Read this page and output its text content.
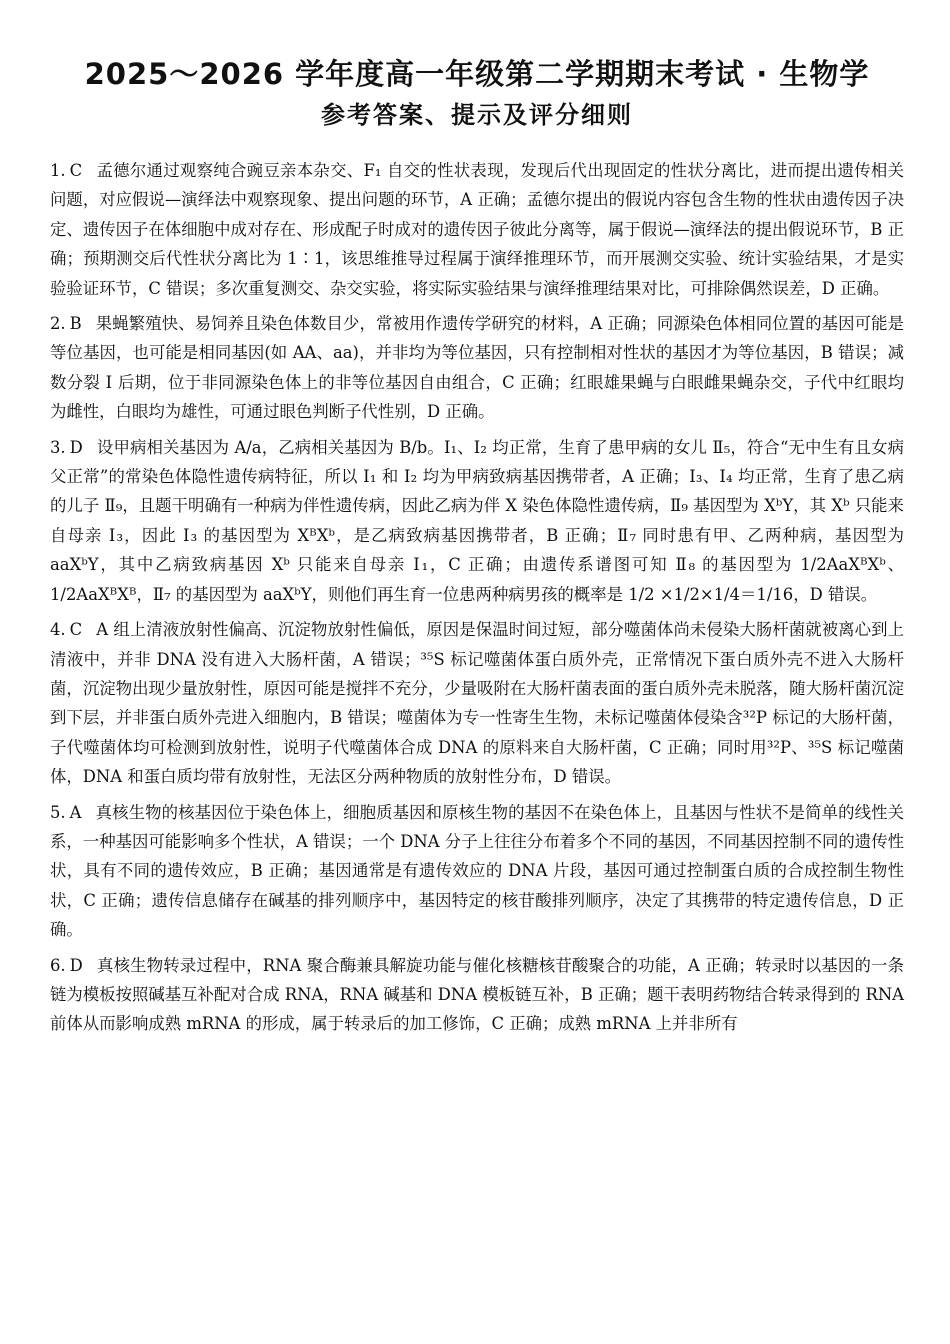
2025～2026 学年度高一年级第二学期期末考试 · 生物学
参考答案、提示及评分细则

1. C 孟德尔通过观察纯合豌豆亲本杂交、F₁ 自交的性状表现，发现后代出现固定的性状分离比，进而提出遗传相关问题，对应假说—演绎法中观察现象、提出问题的环节，A 正确；孟德尔提出的假说内容包含生物的性状由遗传因子决定、遗传因子在体细胞中成对存在、形成配子时成对的遗传因子彼此分离等，属于假说—演绎法的提出假说环节，B 正确；预期测交后代性状分离比为 1∶1，该思维推导过程属于演绎推理环节，而开展测交实验、统计实验结果，才是实验验证环节，C 错误；多次重复测交、杂交实验，将实际实验结果与演绎推理结果对比，可排除偶然误差，D 正确。

2. B 果蝇繁殖快、易饲养且染色体数目少，常被用作遗传学研究的材料，A 正确；同源染色体相同位置的基因可能是等位基因，也可能是相同基因(如 AA、aa)，并非均为等位基因，只有控制相对性状的基因才为等位基因，B 错误；减数分裂 Ⅰ 后期，位于非同源染色体上的非等位基因自由组合，C 正确；红眼雄果蝇与白眼雌果蝇杂交，子代中红眼均为雌性，白眼均为雄性，可通过眼色判断子代性别，D 正确。

3. D 设甲病相关基因为 A/a，乙病相关基因为 B/b。Ⅰ₁、Ⅰ₂ 均正常，生育了患甲病的女儿 Ⅱ₅，符合“无中生有且女病父正常”的常染色体隐性遗传病特征，所以 Ⅰ₁ 和 Ⅰ₂ 均为甲病致病基因携带者，A 正确；Ⅰ₃、Ⅰ₄ 均正常，生育了患乙病的儿子 Ⅱ₉，且题干明确有一种病为伴性遗传病，因此乙病为伴 X 染色体隐性遗传病，Ⅱ₉ 基因型为 XᵇY，其 Xᵇ 只能来自母亲 Ⅰ₃，因此 Ⅰ₃ 的基因型为 XᴮXᵇ，是乙病致病基因携带者，B 正确；Ⅱ₇ 同时患有甲、乙两种病，基因型为 aaXᵇY，其中乙病致病基因 Xᵇ 只能来自母亲 Ⅰ₁，C 正确；由遗传系谱图可知 Ⅱ₈ 的基因型为 1/2AaXᴮXᵇ、1/2AaXᴮXᴮ，Ⅱ₇ 的基因型为 aaXᵇY，则他们再生育一位患两种病男孩的概率是 1/2 ×1/2×1/4＝1/16，D 错误。

4. C A 组上清液放射性偏高、沉淀物放射性偏低，原因是保温时间过短，部分噬菌体尚未侵染大肠杆菌就被离心到上清液中，并非 DNA 没有进入大肠杆菌，A 错误；³⁵S 标记噬菌体蛋白质外壳，正常情况下蛋白质外壳不进入大肠杆菌，沉淀物出现少量放射性，原因可能是搅拌不充分，少量吸附在大肠杆菌表面的蛋白质外壳未脱落，随大肠杆菌沉淀到下层，并非蛋白质外壳进入细胞内，B 错误；噬菌体为专一性寄生生物，未标记噬菌体侵染含³²P 标记的大肠杆菌，子代噬菌体均可检测到放射性，说明子代噬菌体合成 DNA 的原料来自大肠杆菌，C 正确；同时用³²P、³⁵S 标记噬菌体，DNA 和蛋白质均带有放射性，无法区分两种物质的放射性分布，D 错误。

5. A 真核生物的核基因位于染色体上，细胞质基因和原核生物的基因不在染色体上，且基因与性状不是简单的线性关系，一种基因可能影响多个性状，A 错误；一个 DNA 分子上往往分布着多个不同的基因，不同基因控制不同的遗传性状，具有不同的遗传效应，B 正确；基因通常是有遗传效应的 DNA 片段，基因可通过控制蛋白质的合成控制生物性状，C 正确；遗传信息储存在碱基的排列顺序中，基因特定的核苷酸排列顺序，决定了其携带的特定遗传信息，D 正确。

6. D 真核生物转录过程中，RNA 聚合酶兼具解旋功能与催化核糖核苷酸聚合的功能，A 正确；转录时以基因的一条链为模板按照碱基互补配对合成 RNA，RNA 碱基和 DNA 模板链互补，B 正确；题干表明药物结合转录得到的 RNA 前体从而影响成熟 mRNA 的形成，属于转录后的加工修饰，C 正确；成熟 mRNA 上并非所有
